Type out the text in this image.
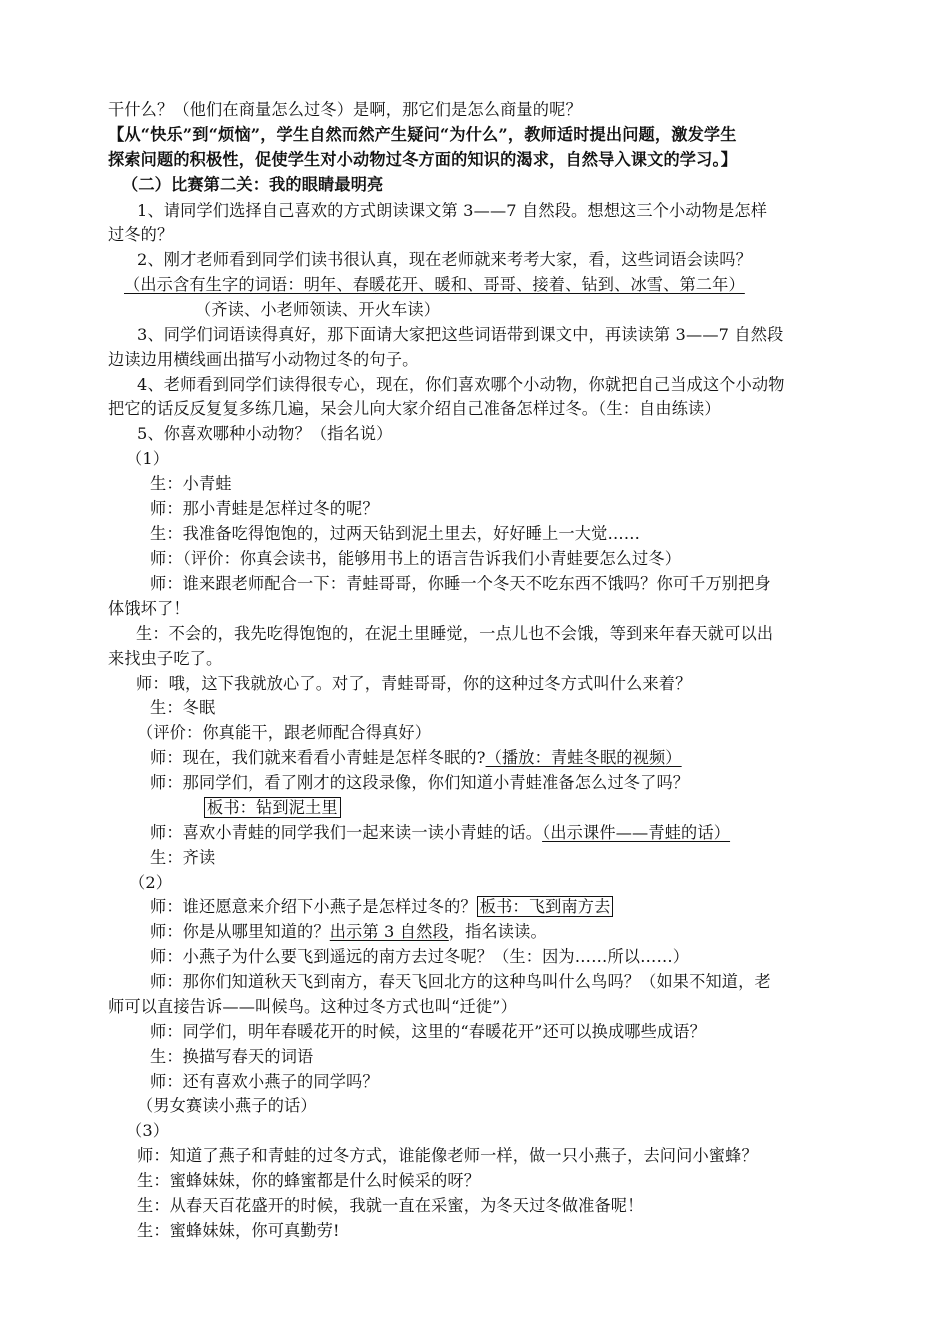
干什么？（他们在商量怎么过冬）是啊，那它们是怎么商量的呢？
【从“快乐”到“烦恼”，学生自然而然产生疑问“为什么”，教师适时提出问题，激发学生
探索问题的积极性，促使学生对小动物过冬方面的知识的渴求，自然导入课文的学习。】
（二）比赛第二关：我的眼睛最明亮
1、请同学们选择自己喜欢的方式朗读课文第 3——7 自然段。想想这三个小动物是怎样
过冬的？
2、刚才老师看到同学们读书很认真，现在老师就来考考大家，看，这些词语会读吗？
（出示含有生字的词语：明年、春暖花开、暖和、哥哥、接着、钻到、冰雪、第二年）
（齐读、小老师领读、开火车读）
3、同学们词语读得真好，那下面请大家把这些词语带到课文中，再读读第 3——7 自然段
边读边用横线画出描写小动物过冬的句子。
4、老师看到同学们读得很专心，现在，你们喜欢哪个小动物，你就把自己当成这个小动物
把它的话反反复复多练几遍，呆会儿向大家介绍自己准备怎样过冬。（生：自由练读）
5、你喜欢哪种小动物？（指名说）
（1）
生：小青蛙
师：那小青蛙是怎样过冬的呢？
生：我准备吃得饱饱的，过两天钻到泥土里去，好好睡上一大觉……
师：（评价：你真会读书，能够用书上的语言告诉我们小青蛙要怎么过冬）
师：谁来跟老师配合一下：青蛙哥哥，你睡一个冬天不吃东西不饿吗？你可千万别把身
体饿坏了！
生：不会的，我先吃得饱饱的，在泥土里睡觉，一点儿也不会饿，等到来年春天就可以出
来找虫子吃了。
师：哦，这下我就放心了。对了，青蛙哥哥，你的这种过冬方式叫什么来着？
生：冬眠
（评价：你真能干，跟老师配合得真好）
师：现在，我们就来看看小青蛙是怎样冬眠的?（播放：青蛙冬眠的视频）
师：那同学们，看了刚才的这段录像，你们知道小青蛙准备怎么过冬了吗？
板书：钻到泥土里
师：喜欢小青蛙的同学我们一起来读一读小青蛙的话。（出示课件——青蛙的话）
生：齐读
（2）
师：谁还愿意来介绍下小燕子是怎样过冬的？ 板书：飞到南方去
师：你是从哪里知道的？出示第 3 自然段，指名读读。
师：小燕子为什么要飞到遥远的南方去过冬呢？（生：因为……所以……）
师：那你们知道秋天飞到南方，春天飞回北方的这种鸟叫什么鸟吗？（如果不知道，老
师可以直接告诉——叫候鸟。这种过冬方式也叫“迁徙”）
师：同学们，明年春暖花开的时候，这里的“春暖花开”还可以换成哪些成语？
生：换描写春天的词语
师：还有喜欢小燕子的同学吗？
（男女赛读小燕子的话）
（3）
师：知道了燕子和青蛙的过冬方式，谁能像老师一样，做一只小燕子，去问问小蜜蜂？
生：蜜蜂妹妹，你的蜂蜜都是什么时候采的呀？
生：从春天百花盛开的时候，我就一直在采蜜，为冬天过冬做准备呢！
生：蜜蜂妹妹，你可真勤劳!
